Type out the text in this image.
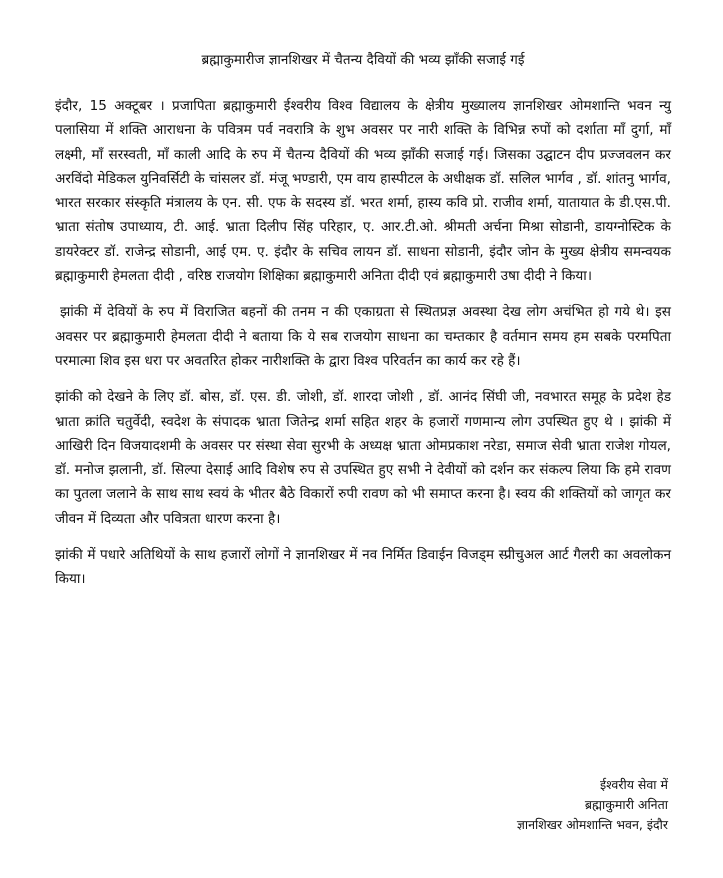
ब्रह्माकुमारीज ज्ञानशिखर में चैतन्य दैवियों की भव्य झाँकी सजाई गई

इंदौर, 15 अक्टूबर । प्रजापिता ब्रह्माकुमारी ईश्वरीय विश्व विद्यालय के क्षेत्रीय मुख्यालय ज्ञानशिखर ओमशान्ति भवन न्यु पलासिया में शक्ति आराधना के पवित्रम पर्व नवरात्रि के शुभ अवसर पर नारी शक्ति के विभिन्न रुपों को दर्शाता माँ दुर्गा, माँ लक्ष्मी, माँ सरस्वती, माँ काली आदि के रुप में चैतन्य दैवियों की भव्य झाँकी सजाई गई। जिसका उद्घाटन दीप प्रज्जवलन कर अरविंदो मेडिकल युनिवर्सिटी के चांसलर डॉ. मंजू भण्डारी, एम वाय हास्पीटल के अधीक्षक डॉ. सलिल भार्गव , डॉ. शांतनु भार्गव, भारत सरकार संस्कृति मंत्रालय के एन. सी. एफ के सदस्य डॉ. भरत शर्मा, हास्य कवि प्रो. राजीव शर्मा, यातायात के डी.एस.पी. भ्राता संतोष उपाध्याय, टी. आई. भ्राता दिलीप सिंह परिहार, ए. आर.टी.ओ. श्रीमती अर्चना मिश्रा सोडानी, डायग्नोस्टिक के डायरेक्टर डॉ. राजेन्द्र सोडानी, आई एम. ए. इंदौर के सचिव लायन डॉ. साधना सोडानी, इंदौर जोन के मुख्य क्षेत्रीय समन्वयक ब्रह्माकुमारी हेमलता दीदी , वरिष्ठ राजयोग शिक्षिका ब्रह्माकुमारी अनिता दीदी एवं ब्रह्माकुमारी उषा दीदी ने किया।

झांकी में देवियों के रुप में विराजित बहनों की तनम न की एकाग्रता से स्थितप्रज्ञ अवस्था देख लोग अचंभित हो गये थे। इस अवसर पर ब्रह्माकुमारी हेमलता दीदी ने बताया कि ये सब राजयोग साधना का चम्तकार है वर्तमान समय हम सबके परमपिता परमात्मा शिव इस धरा पर अवतरित होकर नारीशक्ति के द्वारा विश्व परिवर्तन का कार्य कर रहे हैं।

झांकी को देखने के लिए डॉ. बोस, डॉ. एस. डी. जोशी, डॉ. शारदा जोशी , डॉ. आनंद सिंघी जी, नवभारत समूह के प्रदेश हेड भ्राता क्रांति चतुर्वेदी, स्वदेश के संपादक भ्राता जितेन्द्र शर्मा सहित शहर के हजारों गणमान्य लोग उपस्थित हुए थे । झांकी में आखिरी दिन विजयादशमी के अवसर पर संस्था सेवा सुरभी के अध्यक्ष भ्राता ओमप्रकाश नरेडा, समाज सेवी भ्राता राजेश गोयल, डॉ. मनोज झलानी, डॉ. सिल्पा देसाई आदि विशेष रुप से उपस्थित हुए सभी ने देवीयों को दर्शन कर संकल्प लिया कि हमे रावण का पुतला जलाने के साथ साथ स्वयं के भीतर बैठे विकारों रुपी रावण को भी समाप्त करना है। स्वय की शक्तियों को जागृत कर जीवन में दिव्यता और पवित्रता धारण करना है।

झांकी में पधारे अतिथियों के साथ हजारों लोगों ने ज्ञानशिखर में नव निर्मित डिवाईन विजड्म स्प्रीचुअल आर्ट गैलरी का अवलोकन किया।

ईश्वरीय सेवा में
ब्रह्माकुमारी अनिता
ज्ञानशिखर ओमशान्ति भवन, इंदौर
